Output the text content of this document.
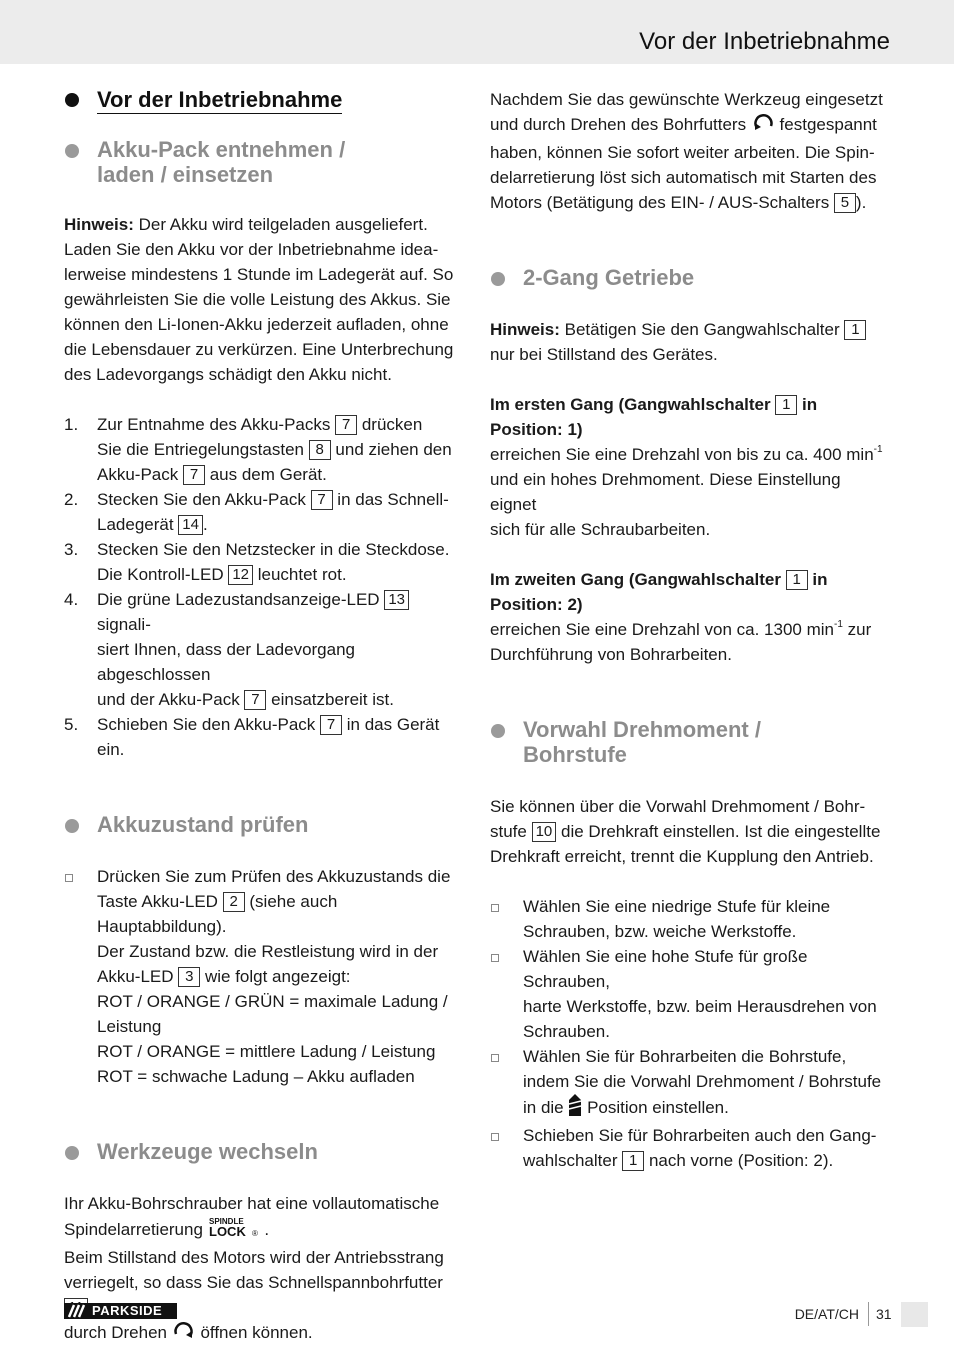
Vor der Inbetriebnahme
Vor der Inbetriebnahme
Akku-Pack entnehmen /
laden / einsetzen
Hinweis: Der Akku wird teilgeladen ausgeliefert.
Laden Sie den Akku vor der Inbetriebnahme idea-
lerweise mindestens 1 Stunde im Ladegerät auf. So
gewährleisten Sie die volle Leistung des Akkus. Sie
können den Li-Ionen-Akku jederzeit aufladen, ohne
die Lebensdauer zu verkürzen. Eine Unterbrechung
des Ladevorgangs schädigt den Akku nicht.
1. Zur Entnahme des Akku-Packs 7 drücken
Sie die Entriegelungstasten 8 und ziehen den
Akku-Pack 7 aus dem Gerät.
2. Stecken Sie den Akku-Pack 7 in das Schnell-
Ladegerät 14 .
3. Stecken Sie den Netzstecker in die Steckdose.
Die Kontroll-LED 12 leuchtet rot.
4. Die grüne Ladezustandsanzeige-LED 13 signali-
siert Ihnen, dass der Ladevorgang abgeschlossen
und der Akku-Pack 7 einsatzbereit ist.
5. Schieben Sie den Akku-Pack 7 in das Gerät ein.
Akkuzustand prüfen
Drücken Sie zum Prüfen des Akkuzustands die
Taste Akku-LED 2 (siehe auch Hauptabbildung).
Der Zustand bzw. die Restleistung wird in der
Akku-LED 3 wie folgt angezeigt:
ROT / ORANGE / GRÜN = maximale Ladung /
Leistung
ROT / ORANGE = mittlere Ladung / Leistung
ROT = schwache Ladung – Akku aufladen
Werkzeuge wechseln
Ihr Akku-Bohrschrauber hat eine vollautomatische
Spindelarretierung SPINDLE
LOCK ® .
Beim Stillstand des Motors wird der Antriebsstrang
verriegelt, so dass Sie das Schnellspannbohrfutter
durch Drehen  öffnen können.
Nachdem Sie das gewünschte Werkzeug eingesetzt
und durch Drehen des Bohrfutters  festgespannt
haben, können Sie sofort weiter arbeiten. Die Spin-
delarretierung löst sich automatisch mit Starten des
Motors (Betätigung des EIN- / AUS-Schalters 5 ).
2-Gang Getriebe
Hinweis: Betätigen Sie den Gangwahlschalter 1
nur bei Stillstand des Gerätes.
Im ersten Gang (Gangwahlschalter 1 in
Position: 1)
erreichen Sie eine Drehzahl von bis zu ca. 400 $\min^{-1}$
und ein hohes Drehmoment. Diese Einstellung eignet
sich für alle Schraubarbeiten.
Im zweiten Gang (Gangwahlschalter 1 in
Position: 2)
erreichen Sie eine Drehzahl von ca. 1300 $\min^{-1}$ zur
Durchführung von Bohrarbeiten.
Vorwahl Drehmoment /
Bohrstufe
Sie können über die Vorwahl Drehmoment / Bohr-
stufe 10 die Drehkraft einstellen. Ist die eingestellte
Drehkraft erreicht, trennt die Kupplung den Antrieb.
Wählen Sie eine niedrige Stufe für kleine
Schrauben, bzw. weiche Werkstoffe.
Wählen Sie eine hohe Stufe für große Schrauben,
harte Werkstoffe, bzw. beim Herausdrehen von
Schrauben.
Wählen Sie für Bohrarbeiten die Bohrstufe,
indem Sie die Vorwahl Drehmoment / Bohrstufe
in die  Position einstellen.
Schieben Sie für Bohrarbeiten auch den Gang-
wahlschalter 1 nach vorne (Position: 2).
PARKSIDE	DE/AT/CH 31
